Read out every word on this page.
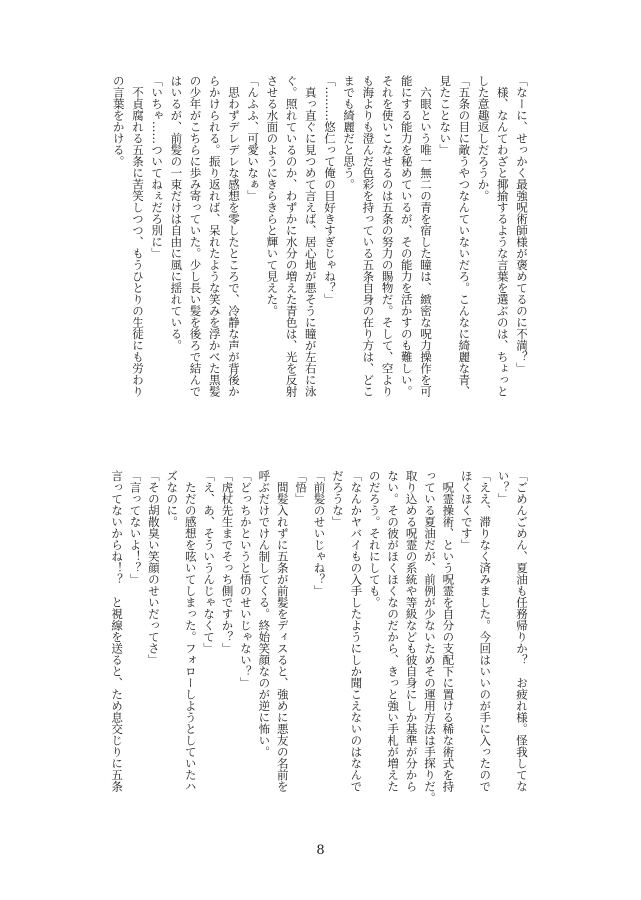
「なーに、せっかく最強呪術師様が褒めてるのに不満？」
　様、なんてわざと揶揄するような言葉を選ぶのは、ちょっと
した意趣返しだろうか。
「五条の目に敵うやつなんていないだろ。こんなに綺麗な青、
見たことない」
　六眼という唯一無二の青を宿した瞳は、緻密な呪力操作を可
能にする能力を秘めているが、その能力を活かすのも難しい。
それを使いこなせるのは五条の努力の賜物だ。そして、空より
も海よりも澄んだ色彩を持っている五条自身の在り方は、どこ
までも綺麗だと思う。
「………悠仁って俺の目好きすぎじゃね？」
　真っ直ぐに見つめて言えば、居心地が悪そうに瞳が左右に泳
ぐ。照れているのか、わずかに水分の増えた青色は、光を反射
させる水面のようにきらきらと輝いて見えた。
「んふふ、可愛いなぁ」
　思わずデレデレな感想を零したところで、冷静な声が背後か
らかけられる。振り返れば、呆れたような笑みを浮かべた黒髪
の少年がこちらに歩み寄っていた。少し長い髪を後ろで結んで
はいるが、前髪の一束だけは自由に風に揺れている。
「いちゃ……ついてねぇだろ別に」
　不貞腐れる五条に苦笑しつつ、もうひとりの生徒にも労わり
の言葉をかける。
「ごめんごめん、夏油も任務帰りか？　お疲れ様。怪我してな
い？」
「ええ、滞りなく済みました。今回はいいのが手に入ったので
ほくほくです」
　呪霊操術、という呪霊を自分の支配下に置ける稀な術式を持
っている夏油だが、前例が少ないためその運用方法は手探りだ。
取り込める呪霊の系統や等級なども彼自身にしか基準が分から
ない。その彼がほくほくなのだから、きっと強い手札が増えた
のだろう。それにしても。
「なんかヤバイもの入手したようにしか聞こえないのはなんで
だろうな」
「前髪のせいじゃね？」
「悟」
　間髪入れずに五条が前髪をディスると、強めに悪友の名前を
呼ぶだけでけん制してくる。終始笑顔なのが逆に怖い。
「どっちかというと悟のせいじゃない？」
「虎杖先生までそっち側ですか？」
「え、あ、そういうんじゃなくて」
　ただの感想を呟いてしまった。フォローしようとしていたハ
ズなのに。
「その胡散臭い笑顔のせいだってさ」
「言ってないよ！？」
言ってないからね！？　と視線を送ると、ため息交じりに五条
8
